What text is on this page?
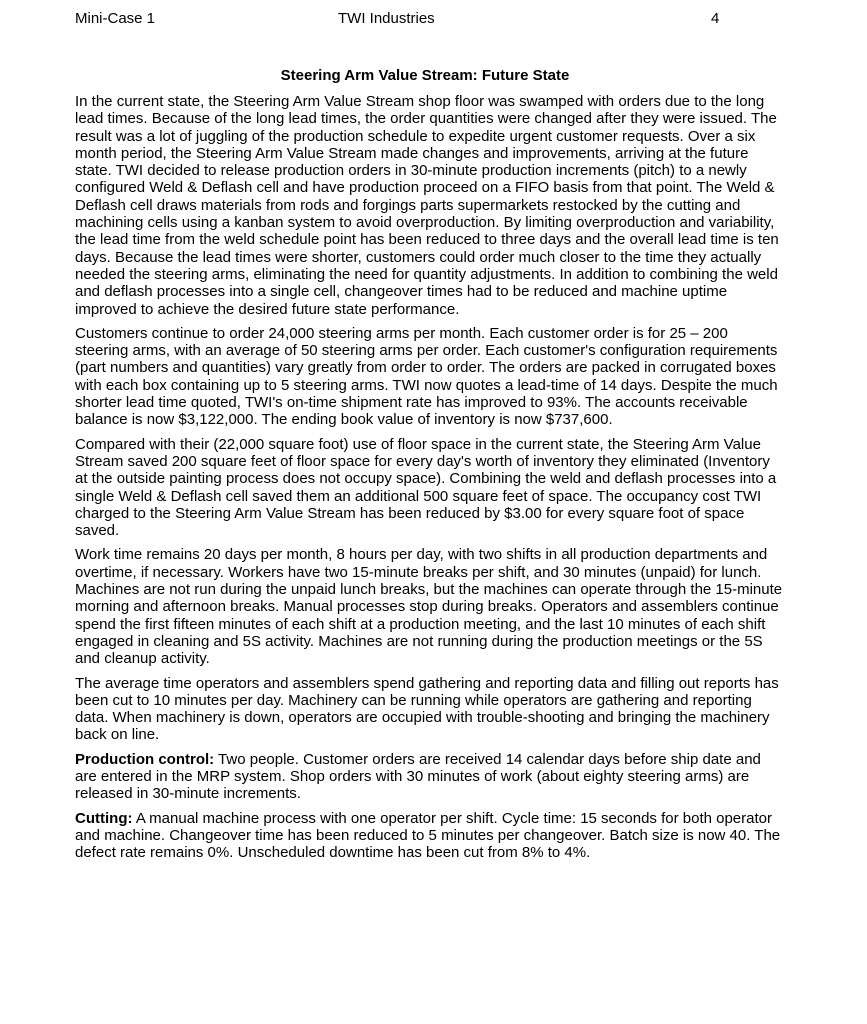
Mini-Case 1	TWI Industries	4
Steering Arm Value Stream: Future State

In the current state, the Steering Arm Value Stream shop floor was swamped with orders due to the long lead times. Because of the long lead times, the order quantities were changed after they were issued. The result was a lot of juggling of the production schedule to expedite urgent customer requests. Over a six month period, the Steering Arm Value Stream made changes and improvements, arriving at the future state. TWI decided to release production orders in 30-minute production increments (pitch) to a newly configured Weld & Deflash cell and have production proceed on a FIFO basis from that point. The Weld & Deflash cell draws materials from rods and forgings parts supermarkets restocked by the cutting and machining cells using a kanban system to avoid overproduction. By limiting overproduction and variability, the lead time from the weld schedule point has been reduced to three days and the overall lead time is ten days. Because the lead times were shorter, customers could order much closer to the time they actually needed the steering arms, eliminating the need for quantity adjustments. In addition to combining the weld and deflash processes into a single cell, changeover times had to be reduced and machine uptime improved to achieve the desired future state performance.

Customers continue to order 24,000 steering arms per month. Each customer order is for 25 – 200 steering arms, with an average of 50 steering arms per order. Each customer's configuration requirements (part numbers and quantities) vary greatly from order to order. The orders are packed in corrugated boxes with each box containing up to 5 steering arms. TWI now quotes a lead-time of 14 days. Despite the much shorter lead time quoted, TWI's on-time shipment rate has improved to 93%. The accounts receivable balance is now $3,122,000. The ending book value of inventory is now $737,600.

Compared with their (22,000 square foot) use of floor space in the current state, the Steering Arm Value Stream saved 200 square feet of floor space for every day's worth of inventory they eliminated (Inventory at the outside painting process does not occupy space). Combining the weld and deflash processes into a single Weld & Deflash cell saved them an additional 500 square feet of space. The occupancy cost TWI charged to the Steering Arm Value Stream has been reduced by $3.00 for every square foot of space saved.

Work time remains 20 days per month, 8 hours per day, with two shifts in all production departments and overtime, if necessary. Workers have two 15-minute breaks per shift, and 30 minutes (unpaid) for lunch. Machines are not run during the unpaid lunch breaks, but the machines can operate through the 15-minute morning and afternoon breaks. Manual processes stop during breaks. Operators and assemblers continue spend the first fifteen minutes of each shift at a production meeting, and the last 10 minutes of each shift engaged in cleaning and 5S activity. Machines are not running during the production meetings or the 5S and cleanup activity.

The average time operators and assemblers spend gathering and reporting data and filling out reports has been cut to 10 minutes per day. Machinery can be running while operators are gathering and reporting data. When machinery is down, operators are occupied with trouble-shooting and bringing the machinery back on line.

Production control: Two people. Customer orders are received 14 calendar days before ship date and are entered in the MRP system. Shop orders with 30 minutes of work (about eighty steering arms) are released in 30-minute increments.

Cutting: A manual machine process with one operator per shift. Cycle time: 15 seconds for both operator and machine. Changeover time has been reduced to 5 minutes per changeover. Batch size is now 40. The defect rate remains 0%. Unscheduled downtime has been cut from 8% to 4%.
